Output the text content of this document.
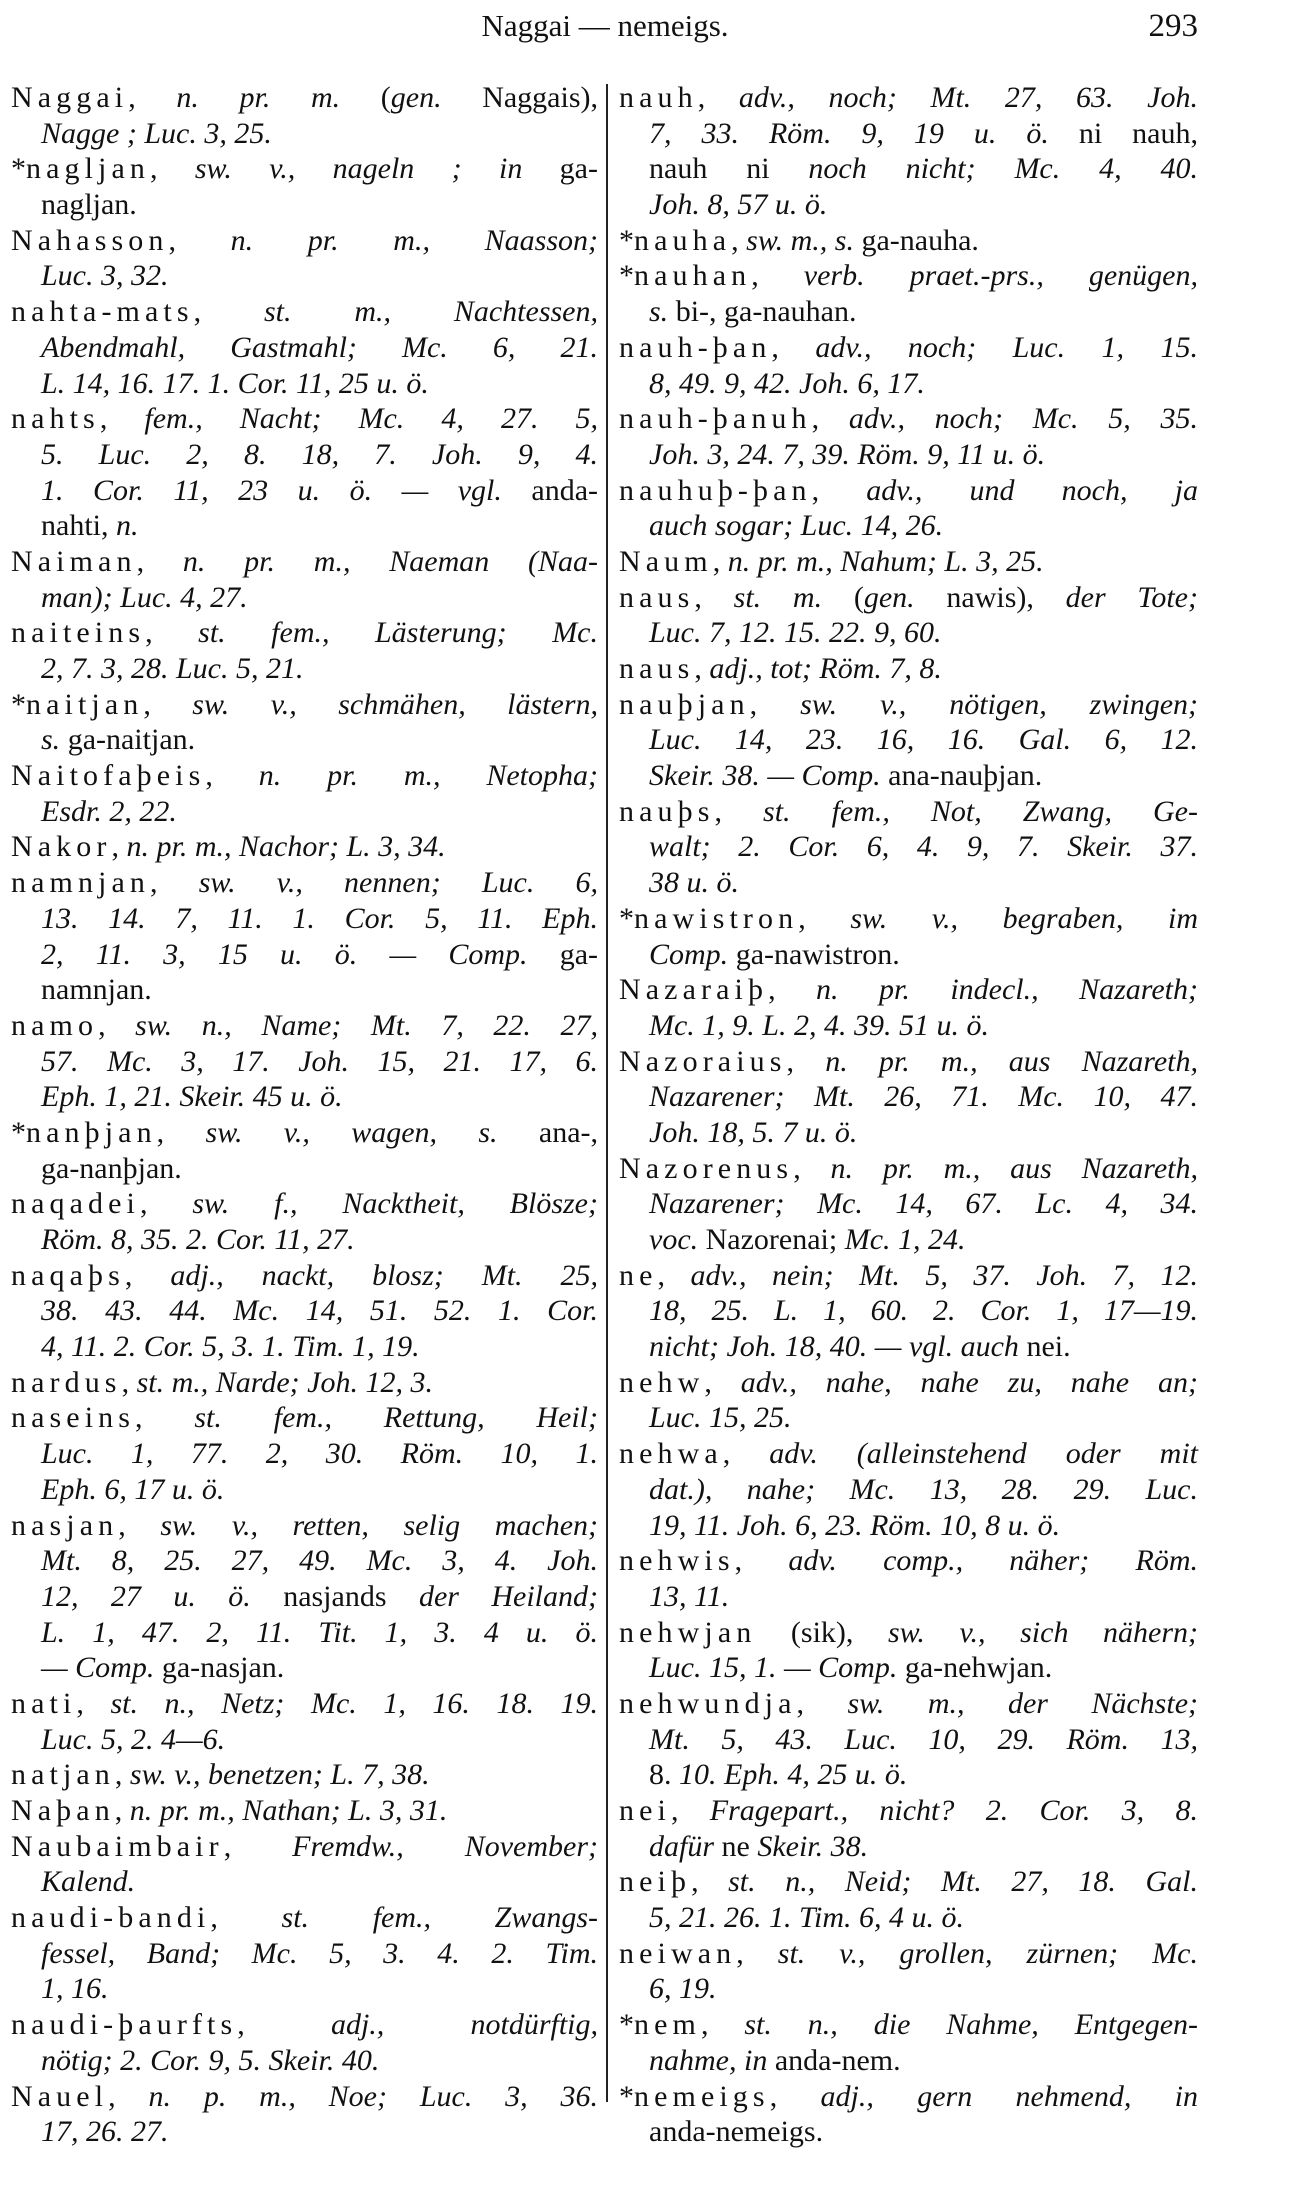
Naggai — nemeigs.	293
Naggai, n. pr. m. (gen. Naggais),
Nagge ; Luc. 3, 25.
*nagljan, sw. v., nageln ; in ga-
nagljan.
Nahasson, n. pr. m., Naasson;
Luc. 3, 32.
nahta-mats, st. m., Nachtessen,
Abendmahl, Gastmahl; Mc. 6, 21.
L. 14, 16. 17. 1. Cor. 11, 25 u. ö.
nahts, fem., Nacht; Mc. 4, 27. 5,
5. Luc. 2, 8. 18, 7. Joh. 9, 4.
1. Cor. 11, 23 u. ö. — vgl. anda-
nahti, n.
Naiman, n. pr. m., Naeman (Naa-
man); Luc. 4, 27.
naiteins, st. fem., Lästerung; Mc.
2, 7. 3, 28. Luc. 5, 21.
*naitjan, sw. v., schmähen, lästern,
s. ga-naitjan.
Naitofaþeis, n. pr. m., Netopha;
Esdr. 2, 22.
Nakor, n. pr. m., Nachor; L. 3, 34.
namnjan, sw. v., nennen; Luc. 6,
13. 14. 7, 11. 1. Cor. 5, 11. Eph.
2, 11. 3, 15 u. ö. — Comp. ga-
namnjan.
namo, sw. n., Name; Mt. 7, 22. 27,
57. Mc. 3, 17. Joh. 15, 21. 17, 6.
Eph. 1, 21. Skeir. 45 u. ö.
*nanþjan, sw. v., wagen, s. ana-,
ga-nanþjan.
naqadei, sw. f., Nacktheit, Blösze;
Röm. 8, 35. 2. Cor. 11, 27.
naqaþs, adj., nackt, blosz; Mt. 25,
38. 43. 44. Mc. 14, 51. 52. 1. Cor.
4, 11. 2. Cor. 5, 3. 1. Tim. 1, 19.
nardus, st. m., Narde; Joh. 12, 3.
naseins, st. fem., Rettung, Heil;
Luc. 1, 77. 2, 30. Röm. 10, 1.
Eph. 6, 17 u. ö.
nasjan, sw. v., retten, selig machen;
Mt. 8, 25. 27, 49. Mc. 3, 4. Joh.
12, 27 u. ö. nasjands der Heiland;
L. 1, 47. 2, 11. Tit. 1, 3. 4 u. ö.
— Comp. ga-nasjan.
nati, st. n., Netz; Mc. 1, 16. 18. 19.
Luc. 5, 2. 4—6.
natjan, sw. v., benetzen; L. 7, 38.
Naþan, n. pr. m., Nathan; L. 3, 31.
Naubaimbair, Fremdw., November;
Kalend.
naudi-bandi, st. fem., Zwangs-
fessel, Band; Mc. 5, 3. 4. 2. Tim.
1, 16.
naudi-þaurfts, adj., notdürftig,
nötig; 2. Cor. 9, 5. Skeir. 40.
Nauel, n. p. m., Noe; Luc. 3, 36.
17, 26. 27.
nauh, adv., noch; Mt. 27, 63. Joh.
7, 33. Röm. 9, 19 u. ö. ni nauh,
nauh ni noch nicht; Mc. 4, 40.
Joh. 8, 57 u. ö.
*nauha, sw. m., s. ga-nauha.
*nauhan, verb. praet.-prs., genügen,
s. bi-, ga-nauhan.
nauh-þan, adv., noch; Luc. 1, 15.
8, 49. 9, 42. Joh. 6, 17.
nauh-þanuh, adv., noch; Mc. 5, 35.
Joh. 3, 24. 7, 39. Röm. 9, 11 u. ö.
nauhuþ-þan, adv., und noch, ja
auch sogar; Luc. 14, 26.
Naum, n. pr. m., Nahum; L. 3, 25.
naus, st. m. (gen. nawis), der Tote;
Luc. 7, 12. 15. 22. 9, 60.
naus, adj., tot; Röm. 7, 8.
nauþjan, sw. v., nötigen, zwingen;
Luc. 14, 23. 16, 16. Gal. 6, 12.
Skeir. 38. — Comp. ana-nauþjan.
nauþs, st. fem., Not, Zwang, Ge-
walt; 2. Cor. 6, 4. 9, 7. Skeir. 37.
38 u. ö.
*nawistron, sw. v., begraben, im
Comp. ga-nawistron.
Nazaraiþ, n. pr. indecl., Nazareth;
Mc. 1, 9. L. 2, 4. 39. 51 u. ö.
Nazoraius, n. pr. m., aus Nazareth,
Nazarener; Mt. 26, 71. Mc. 10, 47.
Joh. 18, 5. 7 u. ö.
Nazorenus, n. pr. m., aus Nazareth,
Nazarener; Mc. 14, 67. Lc. 4, 34.
voc. Nazorenai; Mc. 1, 24.
ne, adv., nein; Mt. 5, 37. Joh. 7, 12.
18, 25. L. 1, 60. 2. Cor. 1, 17—19.
nicht; Joh. 18, 40. — vgl. auch nei.
nehw, adv., nahe, nahe zu, nahe an;
Luc. 15, 25.
nehwa, adv. (alleinstehend oder mit
dat.), nahe; Mc. 13, 28. 29. Luc.
19, 11. Joh. 6, 23. Röm. 10, 8 u. ö.
nehwis, adv. comp., näher; Röm.
13, 11.
nehwjan (sik), sw. v., sich nähern;
Luc. 15, 1. — Comp. ga-nehwjan.
nehwundja, sw. m., der Nächste;
Mt. 5, 43. Luc. 10, 29. Röm. 13,
8. 10. Eph. 4, 25 u. ö.
nei, Fragepart., nicht? 2. Cor. 3, 8.
dafür ne Skeir. 38.
neiþ, st. n., Neid; Mt. 27, 18. Gal.
5, 21. 26. 1. Tim. 6, 4 u. ö.
neiwan, st. v., grollen, zürnen; Mc.
6, 19.
*nem, st. n., die Nahme, Entgegen-
nahme, in anda-nem.
*nemeigs, adj., gern nehmend, in
anda-nemeigs.
